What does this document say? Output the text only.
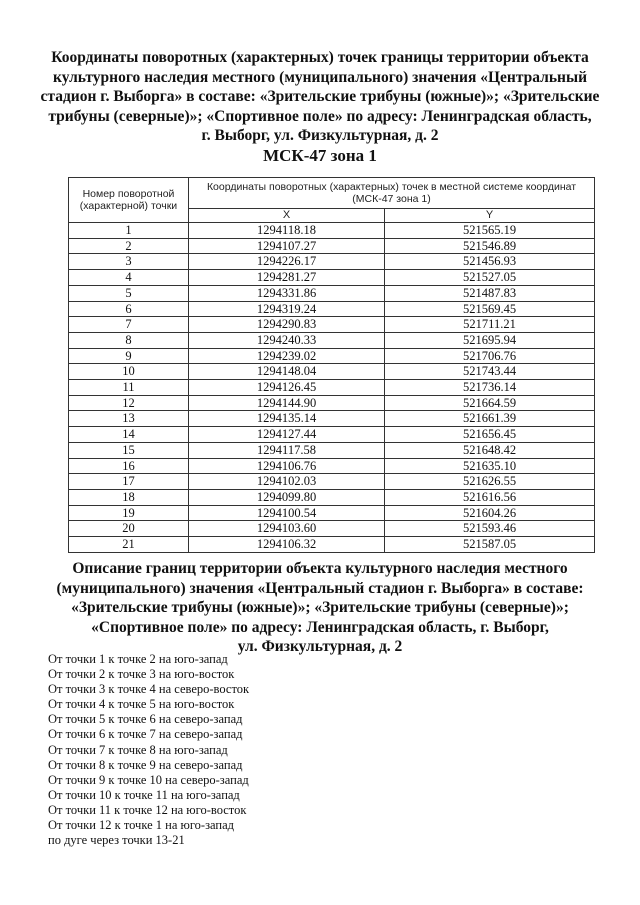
Координаты поворотных (характерных) точек границы территории объекта
культурного наследия местного (муниципального) значения «Центральный
стадион г. Выборга» в составе: «Зрительские трибуны (южные)»; «Зрительские
трибуны (северные)»; «Спортивное поле» по адресу: Ленинградская область,
г. Выборг, ул. Физкультурная, д. 2
МСК-47 зона 1
Номер поворотной (характерной) точки	Координаты поворотных (характерных) точек в местной системе координат (МСК-47 зона 1)	
	X	Y
1	1294118.18	521565.19
2	1294107.27	521546.89
3	1294226.17	521456.93
4	1294281.27	521527.05
5	1294331.86	521487.83
6	1294319.24	521569.45
7	1294290.83	521711.21
8	1294240.33	521695.94
9	1294239.02	521706.76
10	1294148.04	521743.44
11	1294126.45	521736.14
12	1294144.90	521664.59
13	1294135.14	521661.39
14	1294127.44	521656.45
15	1294117.58	521648.42
16	1294106.76	521635.10
17	1294102.03	521626.55
18	1294099.80	521616.56
19	1294100.54	521604.26
20	1294103.60	521593.46
21	1294106.32	521587.05
Описание границ территории объекта культурного наследия местного
(муниципального) значения «Центральный стадион г. Выборга» в составе:
«Зрительские трибуны (южные)»; «Зрительские трибуны (северные)»;
«Спортивное поле» по адресу: Ленинградская область, г. Выборг,
ул. Физкультурная, д. 2
От точки 1 к точке 2 на юго-запад
От точки 2 к точке 3 на юго-восток
От точки 3 к точке 4 на северо-восток
От точки 4 к точке 5 на юго-восток
От точки 5 к точке 6 на северо-запад
От точки 6 к точке 7 на северо-запад
От точки 7 к точке 8 на юго-запад
От точки 8 к точке 9 на северо-запад
От точки 9 к точке 10 на северо-запад
От точки 10 к точке 11 на юго-запад
От точки 11 к точке 12 на юго-восток
От точки 12 к точке 1 на юго-запад
по дуге через точки 13-21
